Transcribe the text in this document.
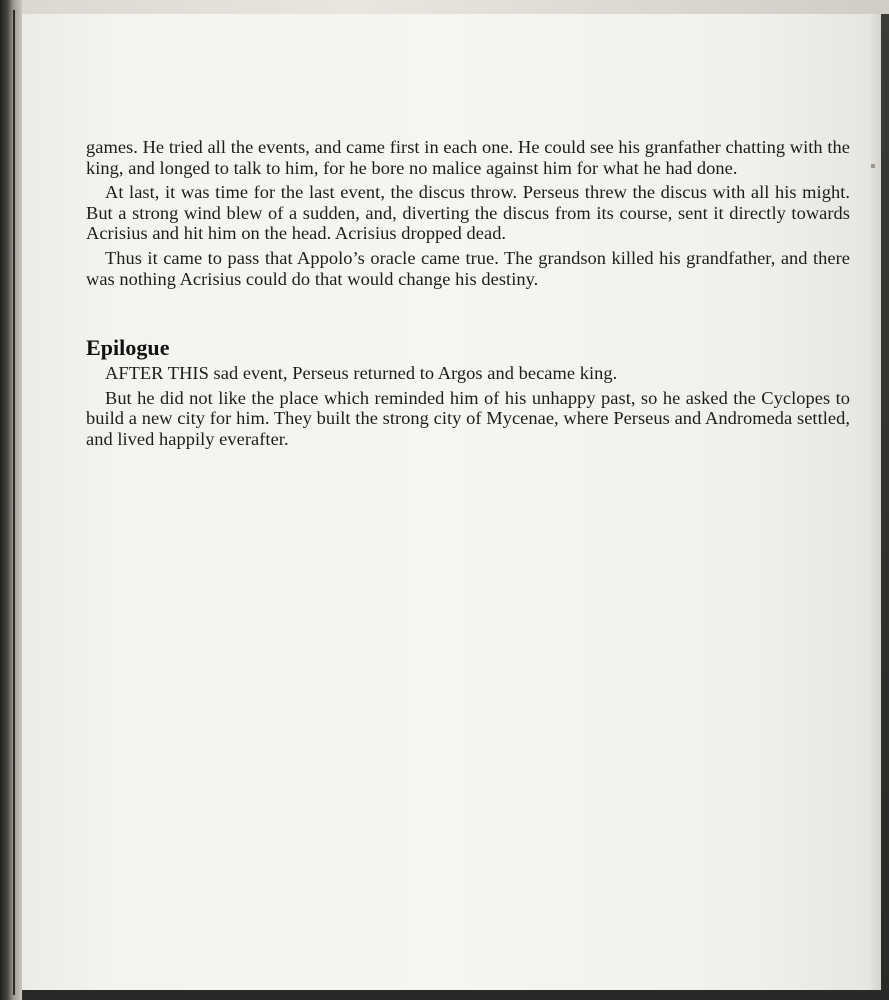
games. He tried all the events, and came first in each one. He could see his granfather chatting with the king, and longed to talk to him, for he bore no malice against him for what he had done.

At last, it was time for the last event, the discus throw. Perseus threw the discus with all his might. But a strong wind blew of a sudden, and, diverting the discus from its course, sent it directly towards Acrisius and hit him on the head. Acrisius dropped dead.

Thus it came to pass that Appolo’s oracle came true. The grandson killed his grandfather, and there was nothing Acrisius could do that would change his destiny.

Epilogue

AFTER THIS sad event, Perseus returned to Argos and became king.

But he did not like the place which reminded him of his unhappy past, so he asked the Cyclopes to build a new city for him. They built the strong city of Mycenae, where Perseus and Andromeda settled, and lived happily everafter.
